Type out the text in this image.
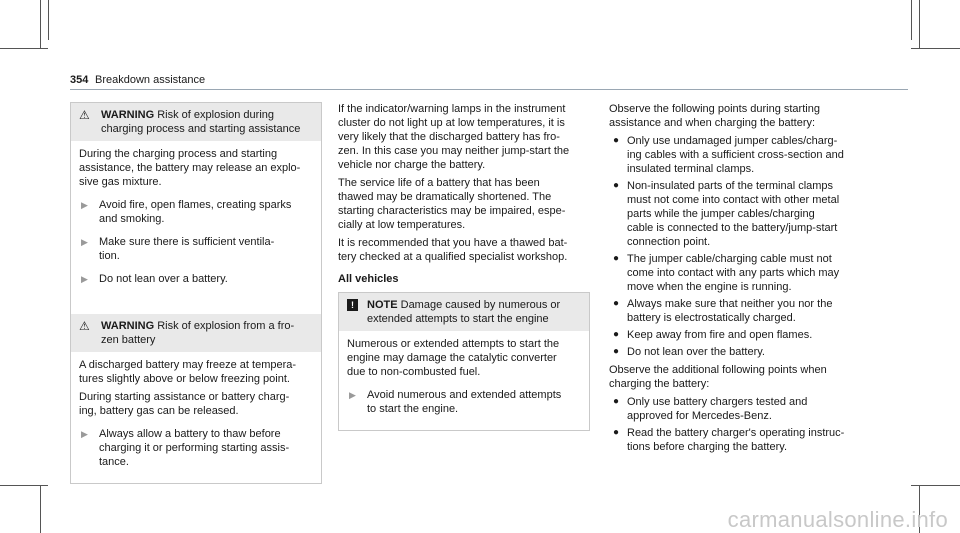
354 Breakdown assistance
⚠	WARNING Risk of explosion during
charging process and starting assistance

During the charging process and starting
assistance, the battery may release an explo-
sive gas mixture.

▶	Avoid fire, open flames, creating sparks
and smoking.
▶	Make sure there is sufficient ventila-
tion.
▶	Do not lean over a battery.
⚠	WARNING Risk of explosion from a fro-
zen battery

A discharged battery may freeze at tempera-
tures slightly above or below freezing point.

During starting assistance or battery charg-
ing, battery gas can be released.

▶	Always allow a battery to thaw before
charging it or performing starting assis-
tance.

If the indicator/warning lamps in the instrument
cluster do not light up at low temperatures, it is
very likely that the discharged battery has fro-
zen. In this case you may neither jump-start the
vehicle nor charge the battery.

The service life of a battery that has been
thawed may be dramatically shortened. The
starting characteristics may be impaired, espe-
cially at low temperatures.

It is recommended that you have a thawed bat-
tery checked at a qualified specialist workshop.

All vehicles
!	NOTE Damage caused by numerous or
extended attempts to start the engine

Numerous or extended attempts to start the
engine may damage the catalytic converter
due to non-combusted fuel.

▶	Avoid numerous and extended attempts
to start the engine.

Observe the following points during starting
assistance and when charging the battery:

● Only use undamaged jumper cables/charg-
ing cables with a sufficient cross-section and
insulated terminal clamps.
● Non-insulated parts of the terminal clamps
must not come into contact with other metal
parts while the jumper cables/charging
cable is connected to the battery/jump-start
connection point.
● The jumper cable/charging cable must not
come into contact with any parts which may
move when the engine is running.
● Always make sure that neither you nor the
battery is electrostatically charged.
● Keep away from fire and open flames.
● Do not lean over the battery.

Observe the additional following points when
charging the battery:

● Only use battery chargers tested and
approved for Mercedes-Benz.
● Read the battery charger's operating instruc-
tions before charging the battery.
carmanualsonline.info
